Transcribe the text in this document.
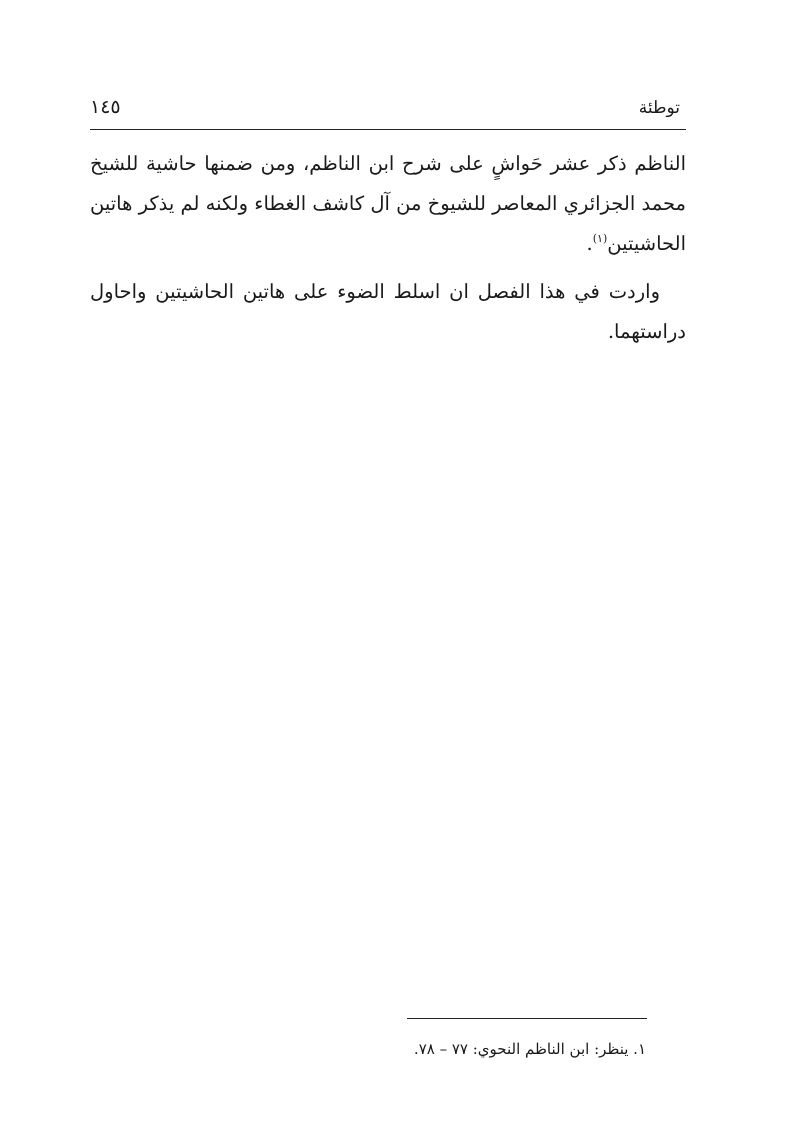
توطئة
١٤٥

الناظم ذكر عشر حَواشٍ على شرح ابن الناظم، ومن ضمنها حاشية للشيخ
محمد الجزائري المعاصر للشيوخ من آل كاشف الغطاء ولكنه لم يذكر هاتين
الحاشيتين$^{(١)}$.

واردت في هذا الفصل ان اسلط الضوء على هاتين الحاشيتين واحاول
دراستهما.

١. ينظر: ابن الناظم النحوي: ٧٧ – ٧٨.
